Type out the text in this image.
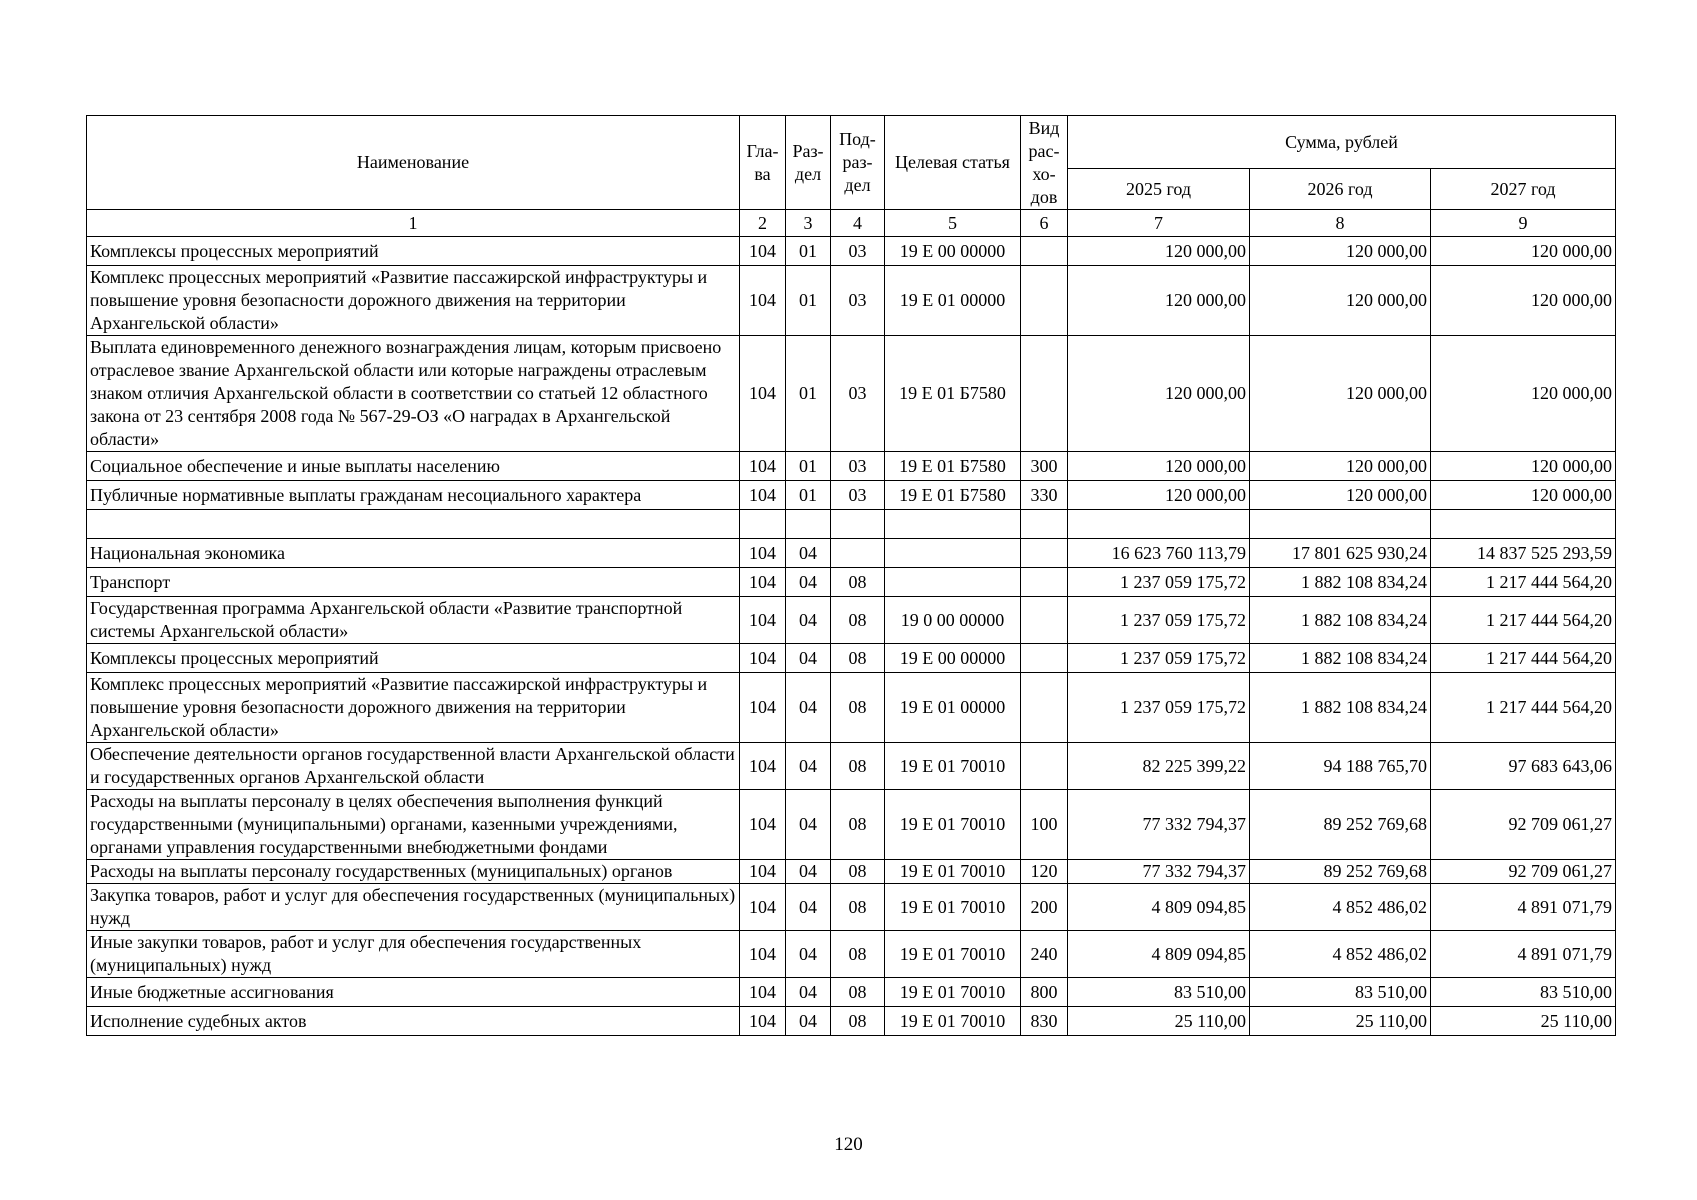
Наименование	Гла-ва	Раз-дел	Под-раз-дел	Целевая статья	Вид рас-хо-дов	Сумма, рублей		
						2025 год	2026 год	2027 год
1	2	3	4	5	6	7	8	9
Комплексы процессных мероприятий	104	01	03	19 Е 00 00000		120 000,00	120 000,00	120 000,00
Комплекс процессных мероприятий «Развитие пассажирской инфраструктуры и повышение уровня безопасности дорожного движения на территории Архангельской области»	104	01	03	19 Е 01 00000		120 000,00	120 000,00	120 000,00
Выплата единовременного денежного вознаграждения лицам, которым присвоено отраслевое звание Архангельской области или которые награждены отраслевым знаком отличия Архангельской области в соответствии со статьей 12 областного закона от 23 сентября 2008 года № 567-29-ОЗ «О наградах в Архангельской области»	104	01	03	19 Е 01 Б7580		120 000,00	120 000,00	120 000,00
Социальное обеспечение и иные выплаты населению	104	01	03	19 Е 01 Б7580	300	120 000,00	120 000,00	120 000,00
Публичные нормативные выплаты гражданам несоциального характера	104	01	03	19 Е 01 Б7580	330	120 000,00	120 000,00	120 000,00

Национальная экономика	104	04				16 623 760 113,79	17 801 625 930,24	14 837 525 293,59
Транспорт	104	04	08			1 237 059 175,72	1 882 108 834,24	1 217 444 564,20
Государственная программа Архангельской области «Развитие транспортной системы Архангельской области»	104	04	08	19 0 00 00000		1 237 059 175,72	1 882 108 834,24	1 217 444 564,20
Комплексы процессных мероприятий	104	04	08	19 Е 00 00000		1 237 059 175,72	1 882 108 834,24	1 217 444 564,20
Комплекс процессных мероприятий «Развитие пассажирской инфраструктуры и повышение уровня безопасности дорожного движения на территории Архангельской области»	104	04	08	19 Е 01 00000		1 237 059 175,72	1 882 108 834,24	1 217 444 564,20
Обеспечение деятельности органов государственной власти Архангельской области и государственных органов Архангельской области	104	04	08	19 Е 01 70010		82 225 399,22	94 188 765,70	97 683 643,06
Расходы на выплаты персоналу в целях обеспечения выполнения функций государственными (муниципальными) органами, казенными учреждениями, органами управления государственными внебюджетными фондами	104	04	08	19 Е 01 70010	100	77 332 794,37	89 252 769,68	92 709 061,27
Расходы на выплаты персоналу государственных (муниципальных) органов	104	04	08	19 Е 01 70010	120	77 332 794,37	89 252 769,68	92 709 061,27
Закупка товаров, работ и услуг для обеспечения государственных (муниципальных) нужд	104	04	08	19 Е 01 70010	200	4 809 094,85	4 852 486,02	4 891 071,79
Иные закупки товаров, работ и услуг для обеспечения государственных (муниципальных) нужд	104	04	08	19 Е 01 70010	240	4 809 094,85	4 852 486,02	4 891 071,79
Иные бюджетные ассигнования	104	04	08	19 Е 01 70010	800	83 510,00	83 510,00	83 510,00
Исполнение судебных актов	104	04	08	19 Е 01 70010	830	25 110,00	25 110,00	25 110,00
120
